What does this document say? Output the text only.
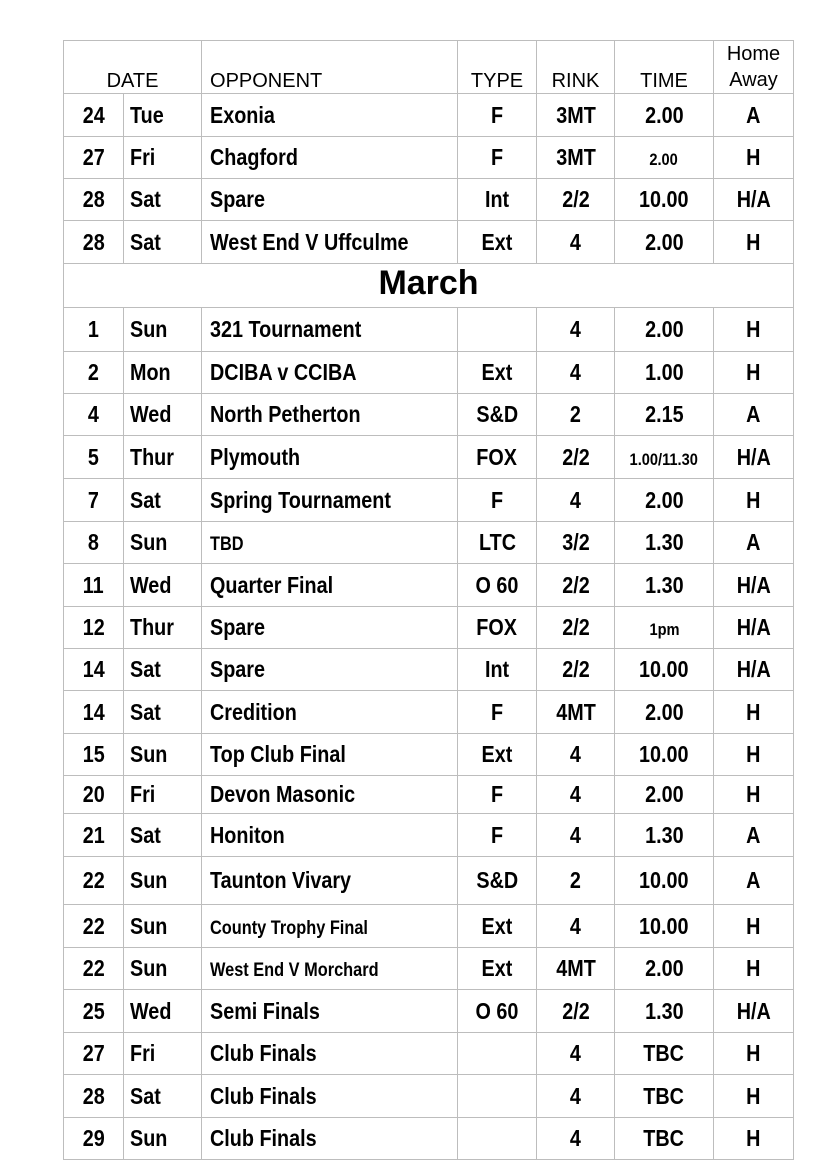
DATE		OPPONENT	TYPE	RINK	TIME	Home
Away

24	Tue	Exonia	F	3MT	2.00	A
27	Fri	Chagford	F	3MT	2.00	H
28	Sat	Spare	Int	2/2	10.00	H/A
28	Sat	West End V Uffculme	Ext	4	2.00	H
March						
1	Sun	321 Tournament		4	2.00	H
2	Mon	DCIBA v CCIBA	Ext	4	1.00	H
4	Wed	North Petherton	S&D	2	2.15	A
5	Thur	Plymouth	FOX	2/2	1.00/11.30	H/A
7	Sat	Spring Tournament	F	4	2.00	H
8	Sun	TBD	LTC	3/2	1.30	A
11	Wed	Quarter Final	O 60	2/2	1.30	H/A
12	Thur	Spare	FOX	2/2	1pm	H/A
14	Sat	Spare	Int	2/2	10.00	H/A
14	Sat	Credition	F	4MT	2.00	H
15	Sun	Top Club Final	Ext	4	10.00	H
20	Fri	Devon Masonic	F	4	2.00	H
21	Sat	Honiton	F	4	1.30	A
22	Sun	Taunton Vivary	S&D	2	10.00	A
22	Sun	County Trophy Final	Ext	4	10.00	H
22	Sun	West End V Morchard	Ext	4MT	2.00	H
25	Wed	Semi Finals	O 60	2/2	1.30	H/A
27	Fri	Club Finals		4	TBC	H
28	Sat	Club Finals		4	TBC	H
29	Sun	Club Finals		4	TBC	H
